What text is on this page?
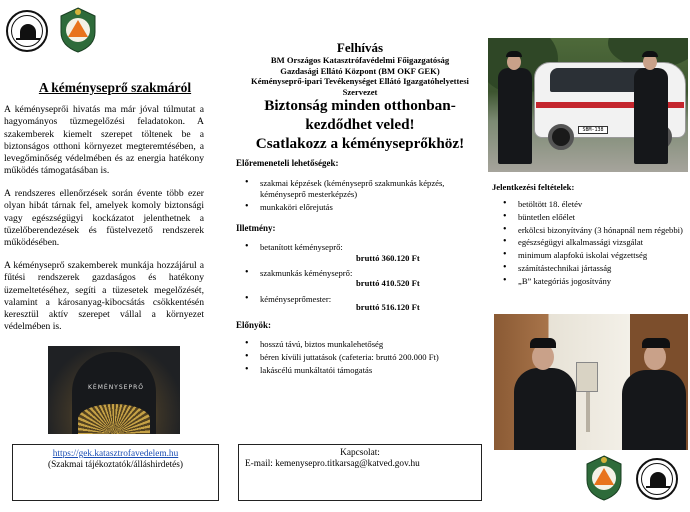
A kéményseprő szakmáról

A kéményseprői hivatás ma már jóval túlmutat a hagyományos tüzmegelőzési feladatokon. A szakemberek kiemelt szerepet töltenek be a biztonságos otthoni környezet megteremtésében, a levegőminőség védelmében és az energia hatékony működés támogatásában is.

A rendszeres ellenőrzések során évente több ezer olyan hibát tárnak fel, amelyek komoly biztonsági vagy egészségügyi kockázatot jelenthetnek a tüzelőberendezések és füstelvezető rendszerek működésében.

A kéményseprő szakemberek munkája hozzájárul a fűtési rendszerek gazdaságos és hatékony üzemeltetéséhez, segíti a tüzesetek megelőzését, valamint a károsanyag-kibocsátás csökkentésén keresztül aktív szerepet vállal a környezet védelmében is.

KÉMÉNYSEPRŐ
https://gek.katasztrofavedelem.hu
(Szakmai tájékoztatók/álláshirdetés)
Felhívás
BM Országos Katasztrófavédelmi Főigazgatóság
Gazdasági Ellátó Központ (BM OKF GEK)
Kéményseprő-ipari Tevékenységet Ellátó Igazgatóhelyettesi
Szervezet
Biztonság minden otthonban-
kezdődhet veled!
Csatlakozz a kéményseprőkhöz!
Előremeneteli lehetőségek:
• szakmai képzések (kéményseprő szakmunkás képzés, kéményseprő mesterképzés)
• munkaköri előrejutás
Illetmény:
• betanított kéményseprő:
• szakmunkás kéményseprő:
• kéményseprőmester:
bruttó 360.120 Ft
bruttó 410.520 Ft
bruttó 516.120 Ft
Előnyök:
• hosszú távú, biztos munkalehetőség
• béren kívüli juttatások (cafeteria: bruttó 200.000 Ft)
• lakáscélú munkáltatói támogatás
Kapcsolat:
E-mail: kemenysepro.titkarsag@katved.gov.hu
SBM-138
Jelentkezési feltételek:
• betöltött 18. életév
• büntetlen előélet
• erkölcsi bizonyítvány (3 hónapnál nem régebbi)
• egészségügyi alkalmassági vizsgálat
• minimum alapfokú iskolai végzettség
• számítástechnikai jártasság
• „B” kategóriás jogosítvány
